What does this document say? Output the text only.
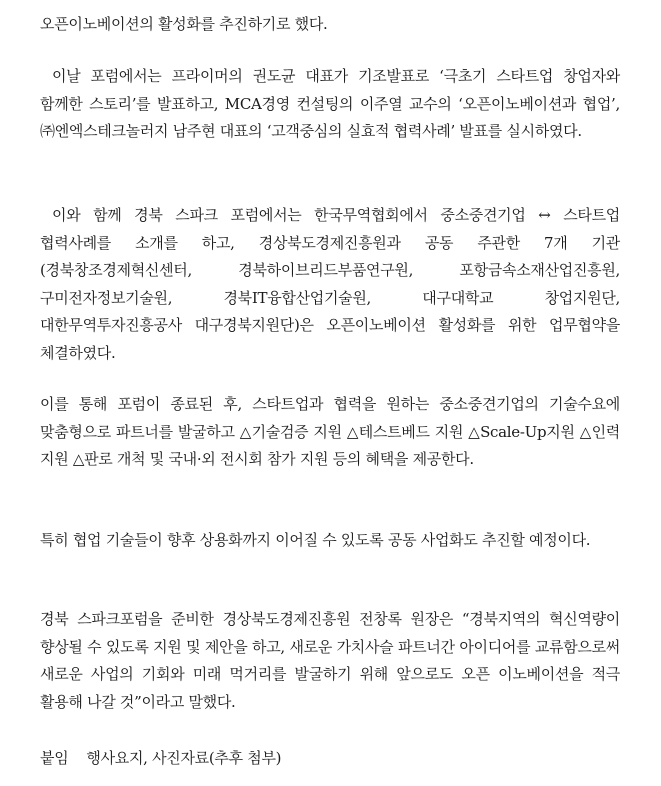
오픈이노베이션의 활성화를 추진하기로 했다.

이날 포럼에서는 프라이머의 권도균 대표가 기조발표로 ‘극초기 스타트업 창업자와 함께한 스토리’를 발표하고, MCA경영 컨설팅의 이주열 교수의 ‘오픈이노베이션과 협업’, ㈜엔엑스테크놀러지 남주현 대표의 ‘고객중심의 실효적 협력사례’ 발표를 실시하였다.

이와 함께 경북 스파크 포럼에서는 한국무역협회에서 중소중견기업 ↔ 스타트업 협력사례를 소개를 하고, 경상북도경제진흥원과 공동 주관한 7개 기관(경북창조경제혁신센터, 경북하이브리드부품연구원, 포항금속소재산업진흥원, 구미전자정보기술원, 경북IT융합산업기술원, 대구대학교 창업지원단, 대한무역투자진흥공사 대구경북지원단)은 오픈이노베이션 활성화를 위한 업무협약을 체결하였다.

이를 통해 포럼이 종료된 후, 스타트업과 협력을 원하는 중소중견기업의 기술수요에 맞춤형으로 파트너를 발굴하고 △기술검증 지원 △테스트베드 지원 △Scale-Up지원 △인력 지원 △판로 개척 및 국내·외 전시회 참가 지원 등의 혜택을 제공한다.

특히 협업 기술들이 향후 상용화까지 이어질 수 있도록 공동 사업화도 추진할 예정이다.

경북 스파크포럼을 준비한 경상북도경제진흥원 전창록 원장은 “경북지역의 혁신역량이 향상될 수 있도록 지원 및 제안을 하고, 새로운 가치사슬 파트너간 아이디어를 교류함으로써 새로운 사업의 기회와 미래 먹거리를 발굴하기 위해 앞으로도 오픈 이노베이션을 적극 활용해 나갈 것”이라고 말했다.

붙임 행사요지, 사진자료(추후 첨부)
